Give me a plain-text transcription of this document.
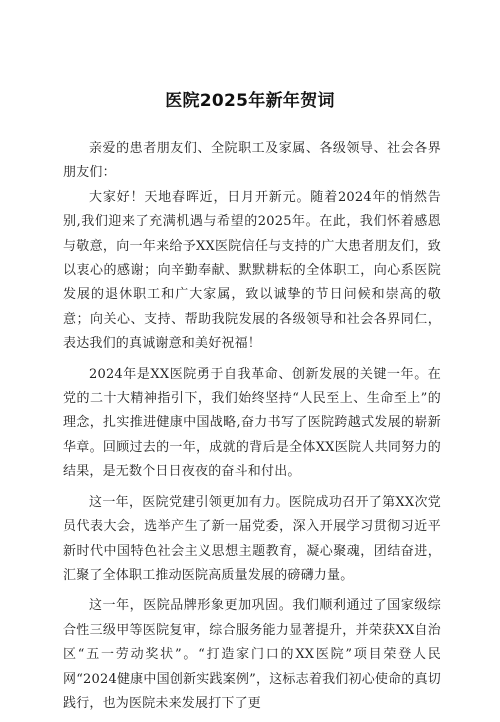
医院2025年新年贺词

亲爱的患者朋友们、全院职工及家属、各级领导、社会各界朋友们：

大家好！天地春晖近，日月开新元。随着2024年的悄然告别,我们迎来了充满机遇与希望的2025年。在此，我们怀着感恩与敬意，向一年来给予XX医院信任与支持的广大患者朋友们，致以衷心的感谢；向辛勤奉献、默默耕耘的全体职工，向心系医院发展的退休职工和广大家属，致以诚挚的节日问候和崇高的敬意；向关心、支持、帮助我院发展的各级领导和社会各界同仁，表达我们的真诚谢意和美好祝福！

2024年是XX医院勇于自我革命、创新发展的关键一年。在党的二十大精神指引下，我们始终坚持“人民至上、生命至上”的理念，扎实推进健康中国战略,奋力书写了医院跨越式发展的崭新华章。回顾过去的一年，成就的背后是全体XX医院人共同努力的结果，是无数个日日夜夜的奋斗和付出。

这一年，医院党建引领更加有力。医院成功召开了第XX次党员代表大会，选举产生了新一届党委，深入开展学习贯彻习近平新时代中国特色社会主义思想主题教育，凝心聚魂，团结奋进，汇聚了全体职工推动医院高质量发展的磅礴力量。

这一年，医院品牌形象更加巩固。我们顺利通过了国家级综合性三级甲等医院复审，综合服务能力显著提升，并荣获XX自治区“五一劳动奖状”。“打造家门口的XX医院”项目荣登人民网“2024健康中国创新实践案例”，这标志着我们初心使命的真切践行，也为医院未来发展打下了更
